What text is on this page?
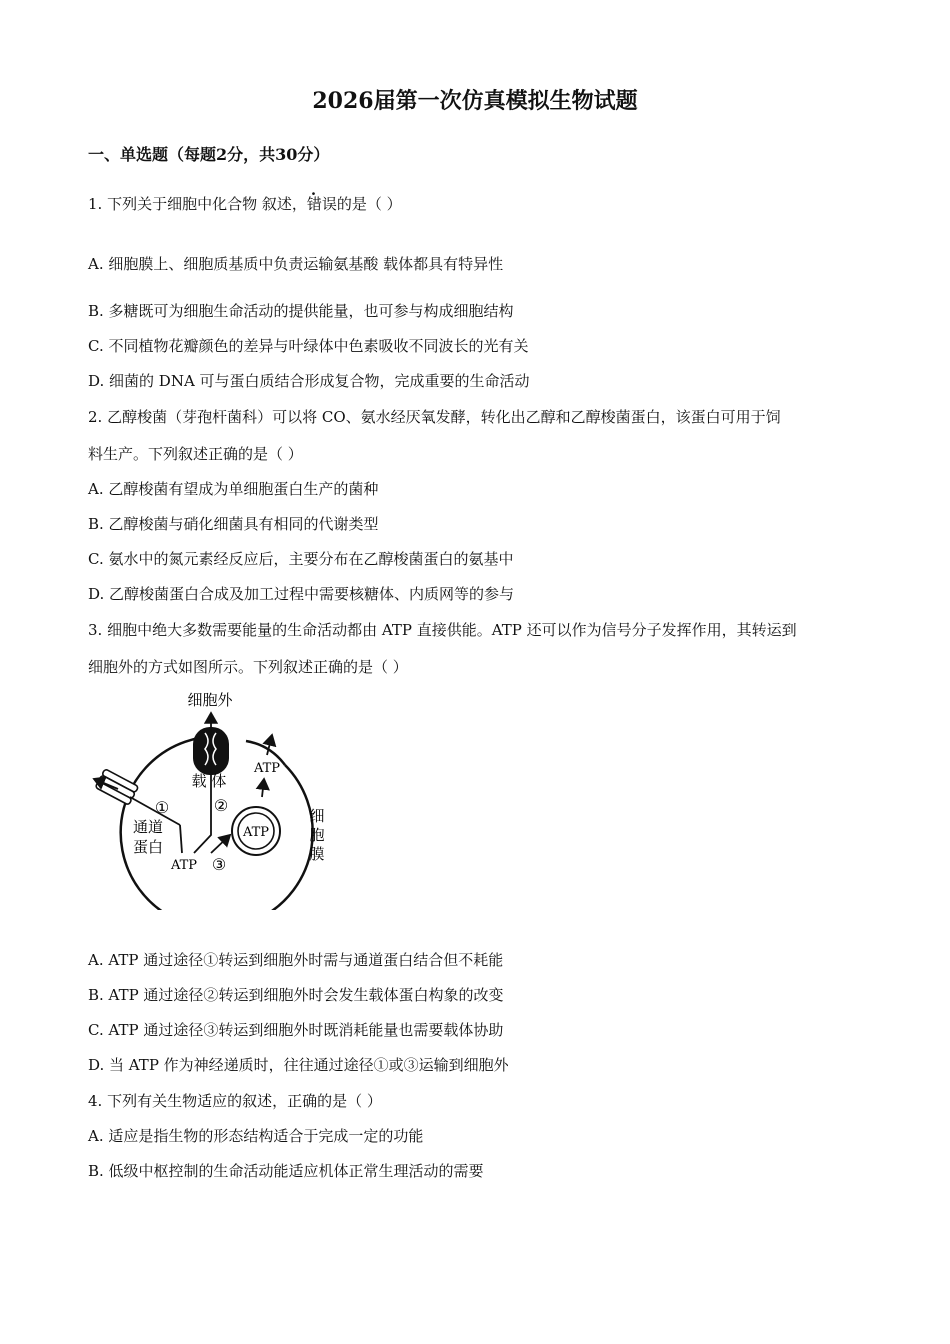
2026届第一次仿真模拟生物试题
一、单选题（每题2分，共30分）
1. 下列关于细胞中化合物 叙述，错误的是（ ）
A. 细胞膜上、细胞质基质中负责运输氨基酸 载体都具有特异性
B. 多糖既可为细胞生命活动的提供能量，也可参与构成细胞结构
C. 不同植物花瓣颜色的差异与叶绿体中色素吸收不同波长的光有关
D. 细菌的 DNA 可与蛋白质结合形成复合物，完成重要的生命活动
2. 乙醇梭菌（芽孢杆菌科）可以将 CO、氨水经厌氧发酵，转化出乙醇和乙醇梭菌蛋白，该蛋白可用于饲
料生产。下列叙述正确的是（ ）
A. 乙醇梭菌有望成为单细胞蛋白生产的菌种
B. 乙醇梭菌与硝化细菌具有相同的代谢类型
C. 氨水中的氮元素经反应后，主要分布在乙醇梭菌蛋白的氨基中
D. 乙醇梭菌蛋白合成及加工过程中需要核糖体、内质网等的参与
3. 细胞中绝大多数需要能量的生命活动都由 ATP 直接供能。ATP 还可以作为信号分子发挥作用，其转运到
细胞外的方式如图所示。下列叙述正确的是（ ）
细胞外
载 体
ATP
ATP
ATP
通道
蛋白
①	②
③
细
胞
膜
A. ATP 通过途径①转运到细胞外时需与通道蛋白结合但不耗能
B. ATP 通过途径②转运到细胞外时会发生载体蛋白构象的改变
C. ATP 通过途径③转运到细胞外时既消耗能量也需要载体协助
D. 当 ATP 作为神经递质时，往往通过途径①或③运输到细胞外
4. 下列有关生物适应的叙述，正确的是（ ）
A. 适应是指生物的形态结构适合于完成一定的功能
B. 低级中枢控制的生命活动能适应机体正常生理活动的需要
